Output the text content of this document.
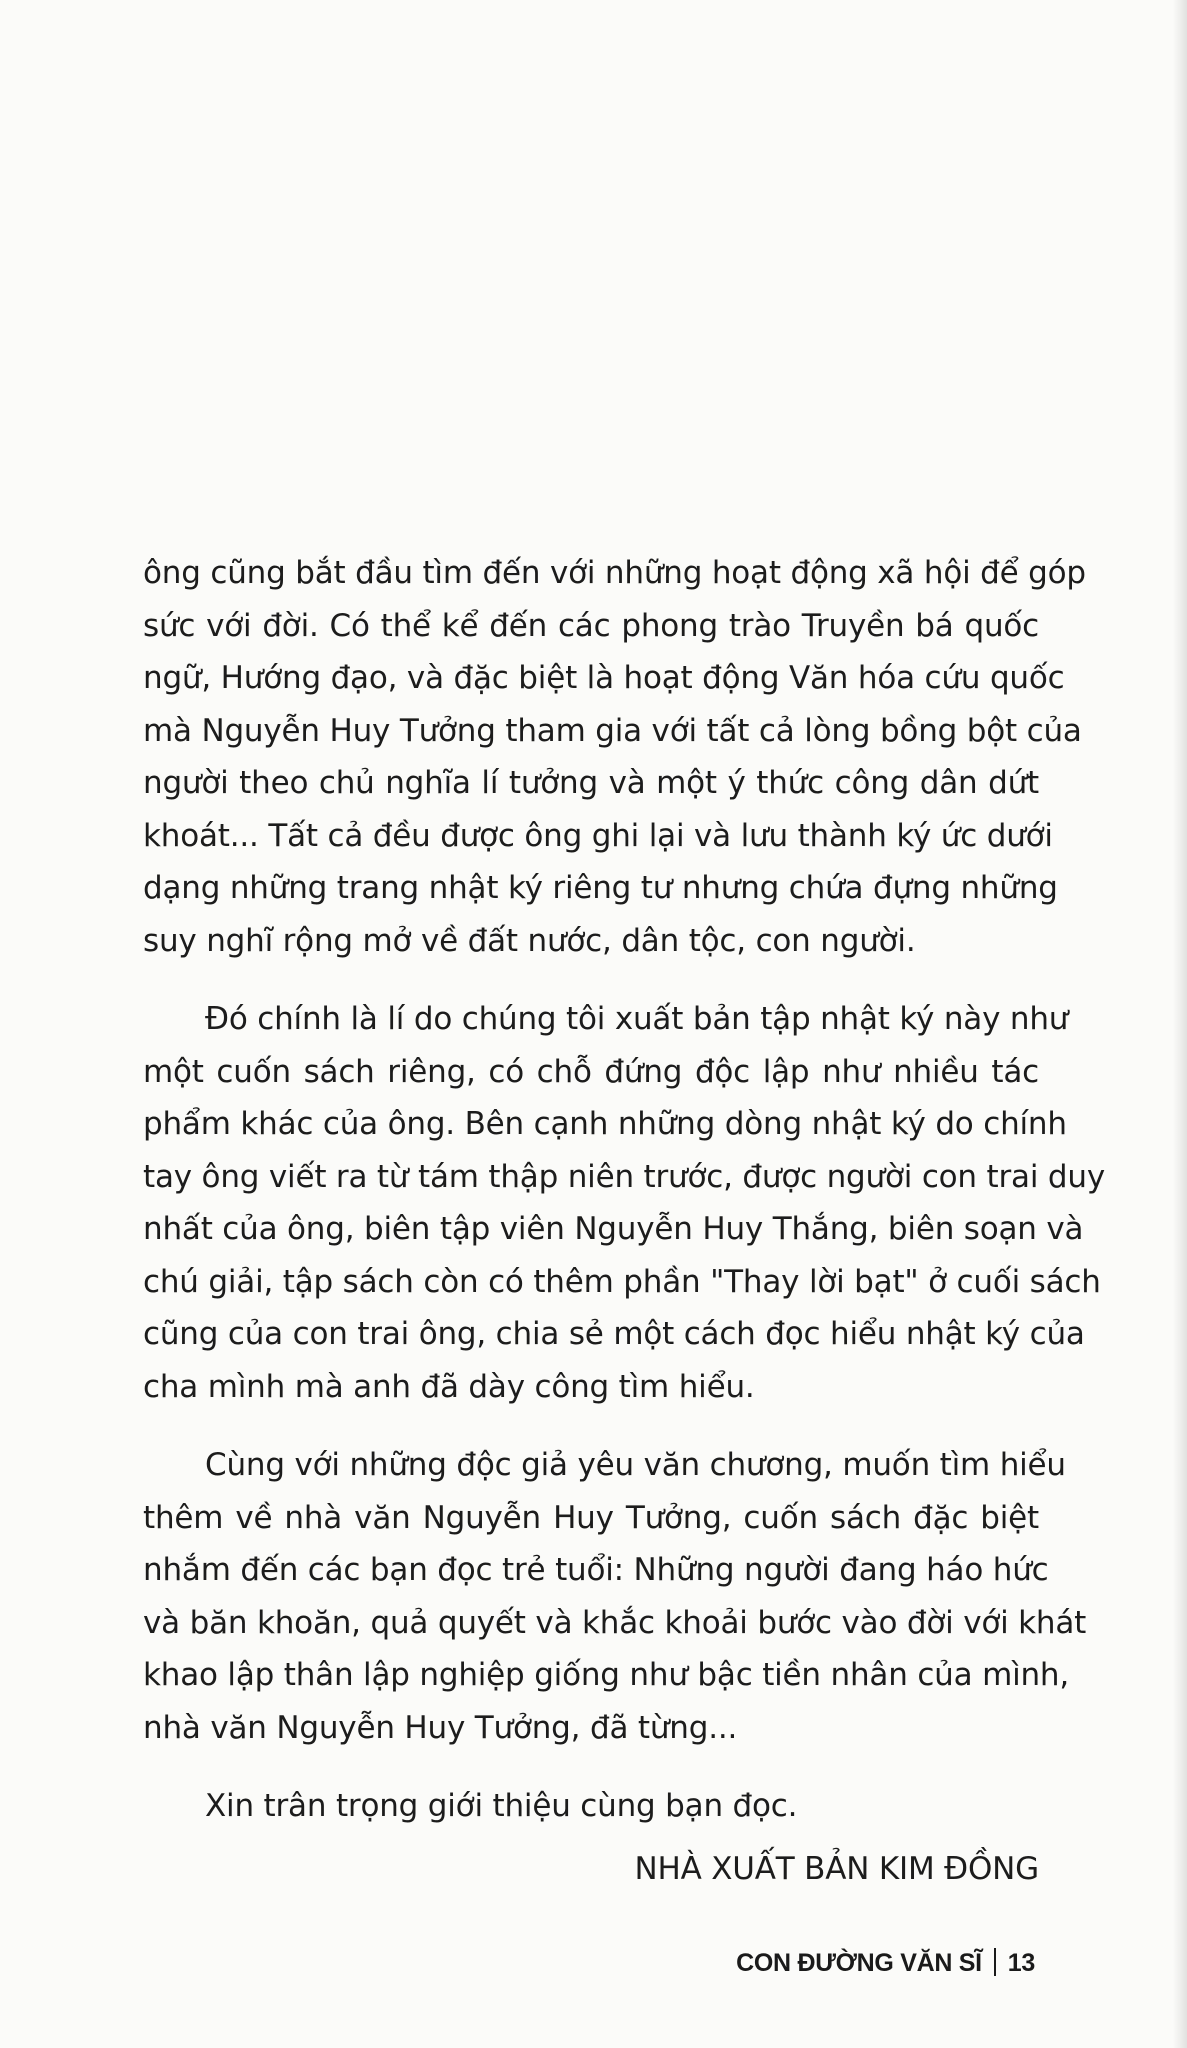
ông cũng bắt đầu tìm đến với những hoạt động xã hội để góp
sức với đời. Có thể kể đến các phong trào Truyền bá quốc
ngữ, Hướng đạo, và đặc biệt là hoạt động Văn hóa cứu quốc
mà Nguyễn Huy Tưởng tham gia với tất cả lòng bồng bột của
người theo chủ nghĩa lí tưởng và một ý thức công dân dứt
khoát... Tất cả đều được ông ghi lại và lưu thành ký ức dưới
dạng những trang nhật ký riêng tư nhưng chứa đựng những
suy nghĩ rộng mở về đất nước, dân tộc, con người.

Đó chính là lí do chúng tôi xuất bản tập nhật ký này như
một cuốn sách riêng, có chỗ đứng độc lập như nhiều tác
phẩm khác của ông. Bên cạnh những dòng nhật ký do chính
tay ông viết ra từ tám thập niên trước, được người con trai duy
nhất của ông, biên tập viên Nguyễn Huy Thắng, biên soạn và
chú giải, tập sách còn có thêm phần "Thay lời bạt" ở cuối sách
cũng của con trai ông, chia sẻ một cách đọc hiểu nhật ký của
cha mình mà anh đã dày công tìm hiểu.

Cùng với những độc giả yêu văn chương, muốn tìm hiểu
thêm về nhà văn Nguyễn Huy Tưởng, cuốn sách đặc biệt
nhắm đến các bạn đọc trẻ tuổi: Những người đang háo hức
và băn khoăn, quả quyết và khắc khoải bước vào đời với khát
khao lập thân lập nghiệp giống như bậc tiền nhân của mình,
nhà văn Nguyễn Huy Tưởng, đã từng...

Xin trân trọng giới thiệu cùng bạn đọc.

NHÀ XUẤT BẢN KIM ĐỒNG

CON ĐƯỜNG VĂN SĨ 13
